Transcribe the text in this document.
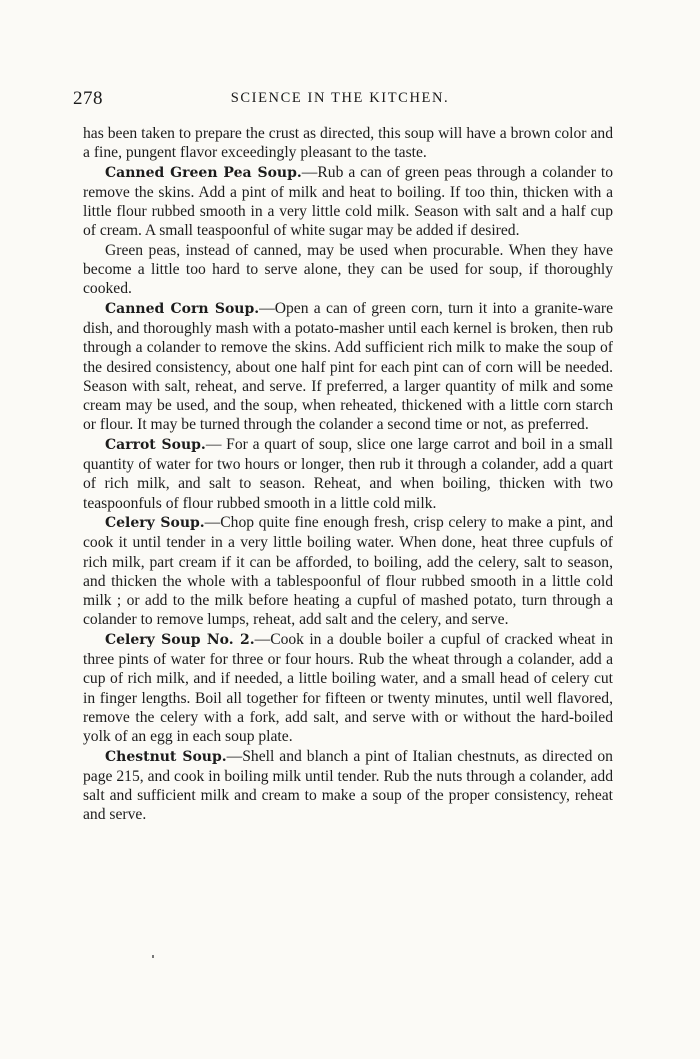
278	SCIENCE IN THE KITCHEN.

has been taken to prepare the crust as directed, this soup will have a brown color and a fine, pungent flavor exceedingly pleasant to the taste.

Canned Green Pea Soup.—Rub a can of green peas through a colander to remove the skins. Add a pint of milk and heat to boiling. If too thin, thicken with a little flour rubbed smooth in a very little cold milk. Season with salt and a half cup of cream. A small teaspoonful of white sugar may be added if desired.

Green peas, instead of canned, may be used when procurable. When they have become a little too hard to serve alone, they can be used for soup, if thoroughly cooked.

Canned Corn Soup.—Open a can of green corn, turn it into a granite-ware dish, and thoroughly mash with a potato-masher until each kernel is broken, then rub through a colander to remove the skins. Add sufficient rich milk to make the soup of the desired consistency, about one half pint for each pint can of corn will be needed. Season with salt, reheat, and serve. If preferred, a larger quantity of milk and some cream may be used, and the soup, when reheated, thickened with a little corn starch or flour. It may be turned through the colander a second time or not, as preferred.

Carrot Soup.— For a quart of soup, slice one large carrot and boil in a small quantity of water for two hours or longer, then rub it through a colander, add a quart of rich milk, and salt to season. Reheat, and when boiling, thicken with two teaspoonfuls of flour rubbed smooth in a little cold milk.

Celery Soup.—Chop quite fine enough fresh, crisp celery to make a pint, and cook it until tender in a very little boiling water. When done, heat three cupfuls of rich milk, part cream if it can be afforded, to boiling, add the celery, salt to season, and thicken the whole with a tablespoonful of flour rubbed smooth in a little cold milk ; or add to the milk before heating a cupful of mashed potato, turn through a colander to remove lumps, reheat, add salt and the celery, and serve.

Celery Soup No. 2.—Cook in a double boiler a cupful of cracked wheat in three pints of water for three or four hours. Rub the wheat through a colander, add a cup of rich milk, and if needed, a little boiling water, and a small head of celery cut in finger lengths. Boil all together for fifteen or twenty minutes, until well flavored, remove the celery with a fork, add salt, and serve with or without the hard-boiled yolk of an egg in each soup plate.

Chestnut Soup.—Shell and blanch a pint of Italian chestnuts, as directed on page 215, and cook in boiling milk until tender. Rub the nuts through a colander, add salt and sufficient milk and cream to make a soup of the proper consistency, reheat and serve.
